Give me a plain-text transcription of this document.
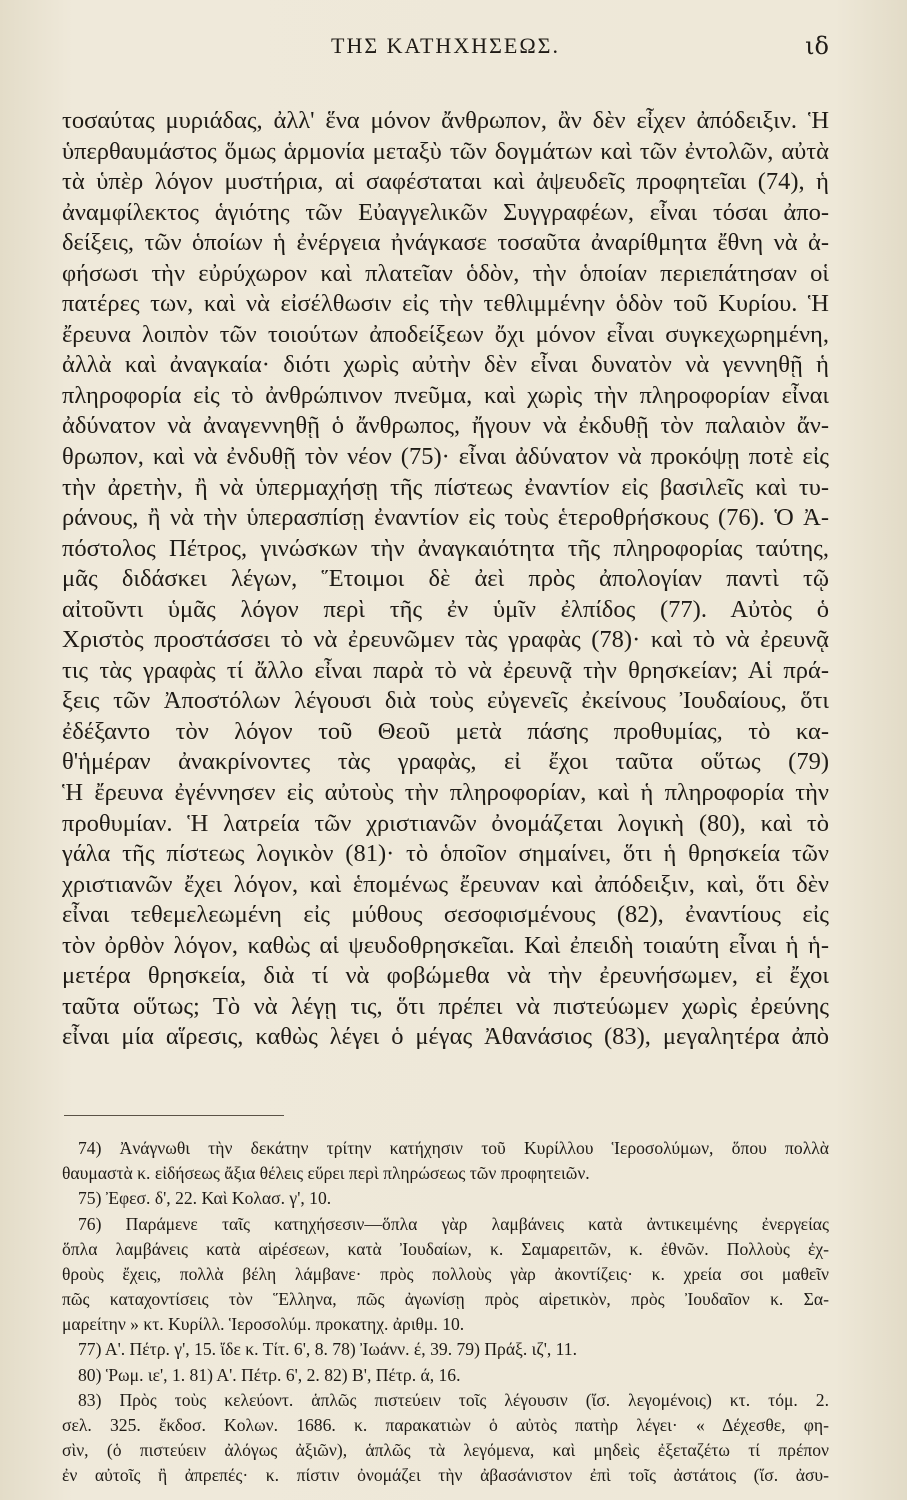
ΤΗΣ ΚΑΤΗΧΗΣΕΩΣ.	ιδ
τοσαύτας μυριάδας, ἀλλ' ἕνα μόνον ἄνθρωπον, ἂν δὲν εἶχεν ἀπόδειξιν. Ἡ
ὑπερθαυμάστος ὅμως ἁρμονία μεταξὺ τῶν δογμάτων καὶ τῶν ἐντολῶν, αὐτὰ
τὰ ὑπὲρ λόγον μυστήρια, αἱ σαφέσταται καὶ ἀψευδεῖς προφητεῖαι (74), ἡ
ἀναμφίλεκτος ἁγιότης τῶν Εὐαγγελικῶν Συγγραφέων, εἶναι τόσαι ἀπο-
δείξεις, τῶν ὁποίων ἡ ἐνέργεια ἠνάγκασε τοσαῦτα ἀναρίθμητα ἔθνη νὰ ἀ-
φήσωσι τὴν εὐρύχωρον καὶ πλατεῖαν ὁδὸν, τὴν ὁποίαν περιεπάτησαν οἱ
πατέρες των, καὶ νὰ εἰσέλθωσιν εἰς τὴν τεθλιμμένην ὁδὸν τοῦ Κυρίου. Ἡ
ἔρευνα λοιπὸν τῶν τοιούτων ἀποδείξεων ὄχι μόνον εἶναι συγκεχωρημένη,
ἀλλὰ καὶ ἀναγκαία· διότι χωρὶς αὐτὴν δὲν εἶναι δυνατὸν νὰ γεννηθῇ ἡ
πληροφορία εἰς τὸ ἀνθρώπινον πνεῦμα, καὶ χωρὶς τὴν πληροφορίαν εἶναι
ἀδύνατον νὰ ἀναγεννηθῇ ὁ ἄνθρωπος, ἤγουν νὰ ἐκδυθῇ τὸν παλαιὸν ἄν-
θρωπον, καὶ νὰ ἐνδυθῇ τὸν νέον (75)· εἶναι ἀδύνατον νὰ προκόψῃ ποτὲ εἰς
τὴν ἀρετὴν, ἢ νὰ ὑπερμαχήσῃ τῆς πίστεως ἐναντίον εἰς βασιλεῖς καὶ τυ-
ράνους, ἢ νὰ τὴν ὑπερασπίσῃ ἐναντίον εἰς τοὺς ἑτεροθρήσκους (76). Ὁ Ἀ-
πόστολος Πέτρος, γινώσκων τὴν ἀναγκαιότητα τῆς πληροφορίας ταύτης,
μᾶς διδάσκει λέγων, Ἕτοιμοι δὲ ἀεὶ πρὸς ἀπολογίαν παντὶ τῷ
αἰτοῦντι ὑμᾶς λόγον περὶ τῆς ἐν ὑμῖν ἐλπίδος (77). Αὐτὸς ὁ
Χριστὸς προστάσσει τὸ νὰ ἐρευνῶμεν τὰς γραφὰς (78)· καὶ τὸ νὰ ἐρευνᾷ
τις τὰς γραφὰς τί ἄλλο εἶναι παρὰ τὸ νὰ ἐρευνᾷ τὴν θρησκείαν; Αἱ πρά-
ξεις τῶν Ἀποστόλων λέγουσι διὰ τοὺς εὐγενεῖς ἐκείνους Ἰουδαίους, ὅτι
ἐδέξαντο τὸν λόγον τοῦ Θεοῦ μετὰ πάσης προθυμίας, τὸ κα-
θ'ἡμέραν ἀνακρίνοντες τὰς γραφὰς, εἰ ἔχοι ταῦτα οὕτως (79)
Ἡ ἔρευνα ἐγέννησεν εἰς αὐτοὺς τὴν πληροφορίαν, καὶ ἡ πληροφορία τὴν
προθυμίαν. Ἡ λατρεία τῶν χριστιανῶν ὀνομάζεται λογικὴ (80), καὶ τὸ
γάλα τῆς πίστεως λογικὸν (81)· τὸ ὁποῖον σημαίνει, ὅτι ἡ θρησκεία τῶν
χριστιανῶν ἔχει λόγον, καὶ ἑπομένως ἔρευναν καὶ ἀπόδειξιν, καὶ, ὅτι δὲν
εἶναι τεθεμελεωμένη εἰς μύθους σεσοφισμένους (82), ἐναντίους εἰς
τὸν ὀρθὸν λόγον, καθὼς αἱ ψευδοθρησκεῖαι. Καὶ ἐπειδὴ τοιαύτη εἶναι ἡ ἡ-
μετέρα θρησκεία, διὰ τί νὰ φοβώμεθα νὰ τὴν ἐρευνήσωμεν, εἰ ἔχοι
ταῦτα οὕτως; Τὸ νὰ λέγῃ τις, ὅτι πρέπει νὰ πιστεύωμεν χωρὶς ἐρεύνης
εἶναι μία αἵρεσις, καθὼς λέγει ὁ μέγας Ἀθανάσιος (83), μεγαλητέρα ἀπὸ
74) Ἀνάγνωθι τὴν δεκάτην τρίτην κατήχησιν τοῦ Κυρίλλου Ἱεροσολύμων, ὅπου πολλὰ
θαυμαστὰ κ. εἰδήσεως ἄξια θέλεις εὕρει περὶ πληρώσεως τῶν προφητειῶν.
75) Ἐφεσ. δ', 22. Καὶ Κολασ. γ', 10.
76) Παράμενε ταῖς κατηχήσεσιν—ὅπλα γὰρ λαμβάνεις κατὰ ἀντικειμένης ἐνεργείας
ὅπλα λαμβάνεις κατὰ αἱρέσεων, κατὰ Ἰουδαίων, κ. Σαμαρειτῶν, κ. ἐθνῶν. Πολλοὺς ἐχ-
θροὺς ἔχεις, πολλὰ βέλη λάμβανε· πρὸς πολλοὺς γὰρ ἀκοντίζεις· κ. χρεία σοι μαθεῖν
πῶς καταχοντίσεις τὸν Ἕλληνα, πῶς ἀγωνίσῃ πρὸς αἱρετικὸν, πρὸς Ἰουδαῖον κ. Σα-
μαρείτην » κτ. Κυρίλλ. Ἱεροσολύμ. προκατηχ. ἀριθμ. 10.
77) Α'. Πέτρ. γ', 15. ἴδε κ. Τίτ. 6', 8. 78) Ἰωάνν. έ, 39. 79) Πράξ. ιζ', 11.
80) Ῥωμ. ιε', 1. 81) Α'. Πέτρ. 6', 2. 82) Β', Πέτρ. ά, 16.
83) Πρὸς τοὺς κελεύοντ. ἁπλῶς πιστεύειν τοῖς λέγουσιν (ἴσ. λεγομένοις) κτ. τόμ. 2.
σελ. 325. ἔκδοσ. Κολων. 1686. κ. παρακατιὼν ὁ αὐτὸς πατὴρ λέγει· « Δέχεσθε, φη-
σὶν, (ὁ πιστεύειν ἀλόγως ἀξιῶν), ἁπλῶς τὰ λεγόμενα, καὶ μηδεὶς ἐξεταζέτω τί πρέπον
ἐν αὐτοῖς ἢ ἀπρεπές· κ. πίστιν ὀνομάζει τὴν ἀβασάνιστον ἐπὶ τοῖς ἀστάτοις (ἴσ. ἀσυ-
